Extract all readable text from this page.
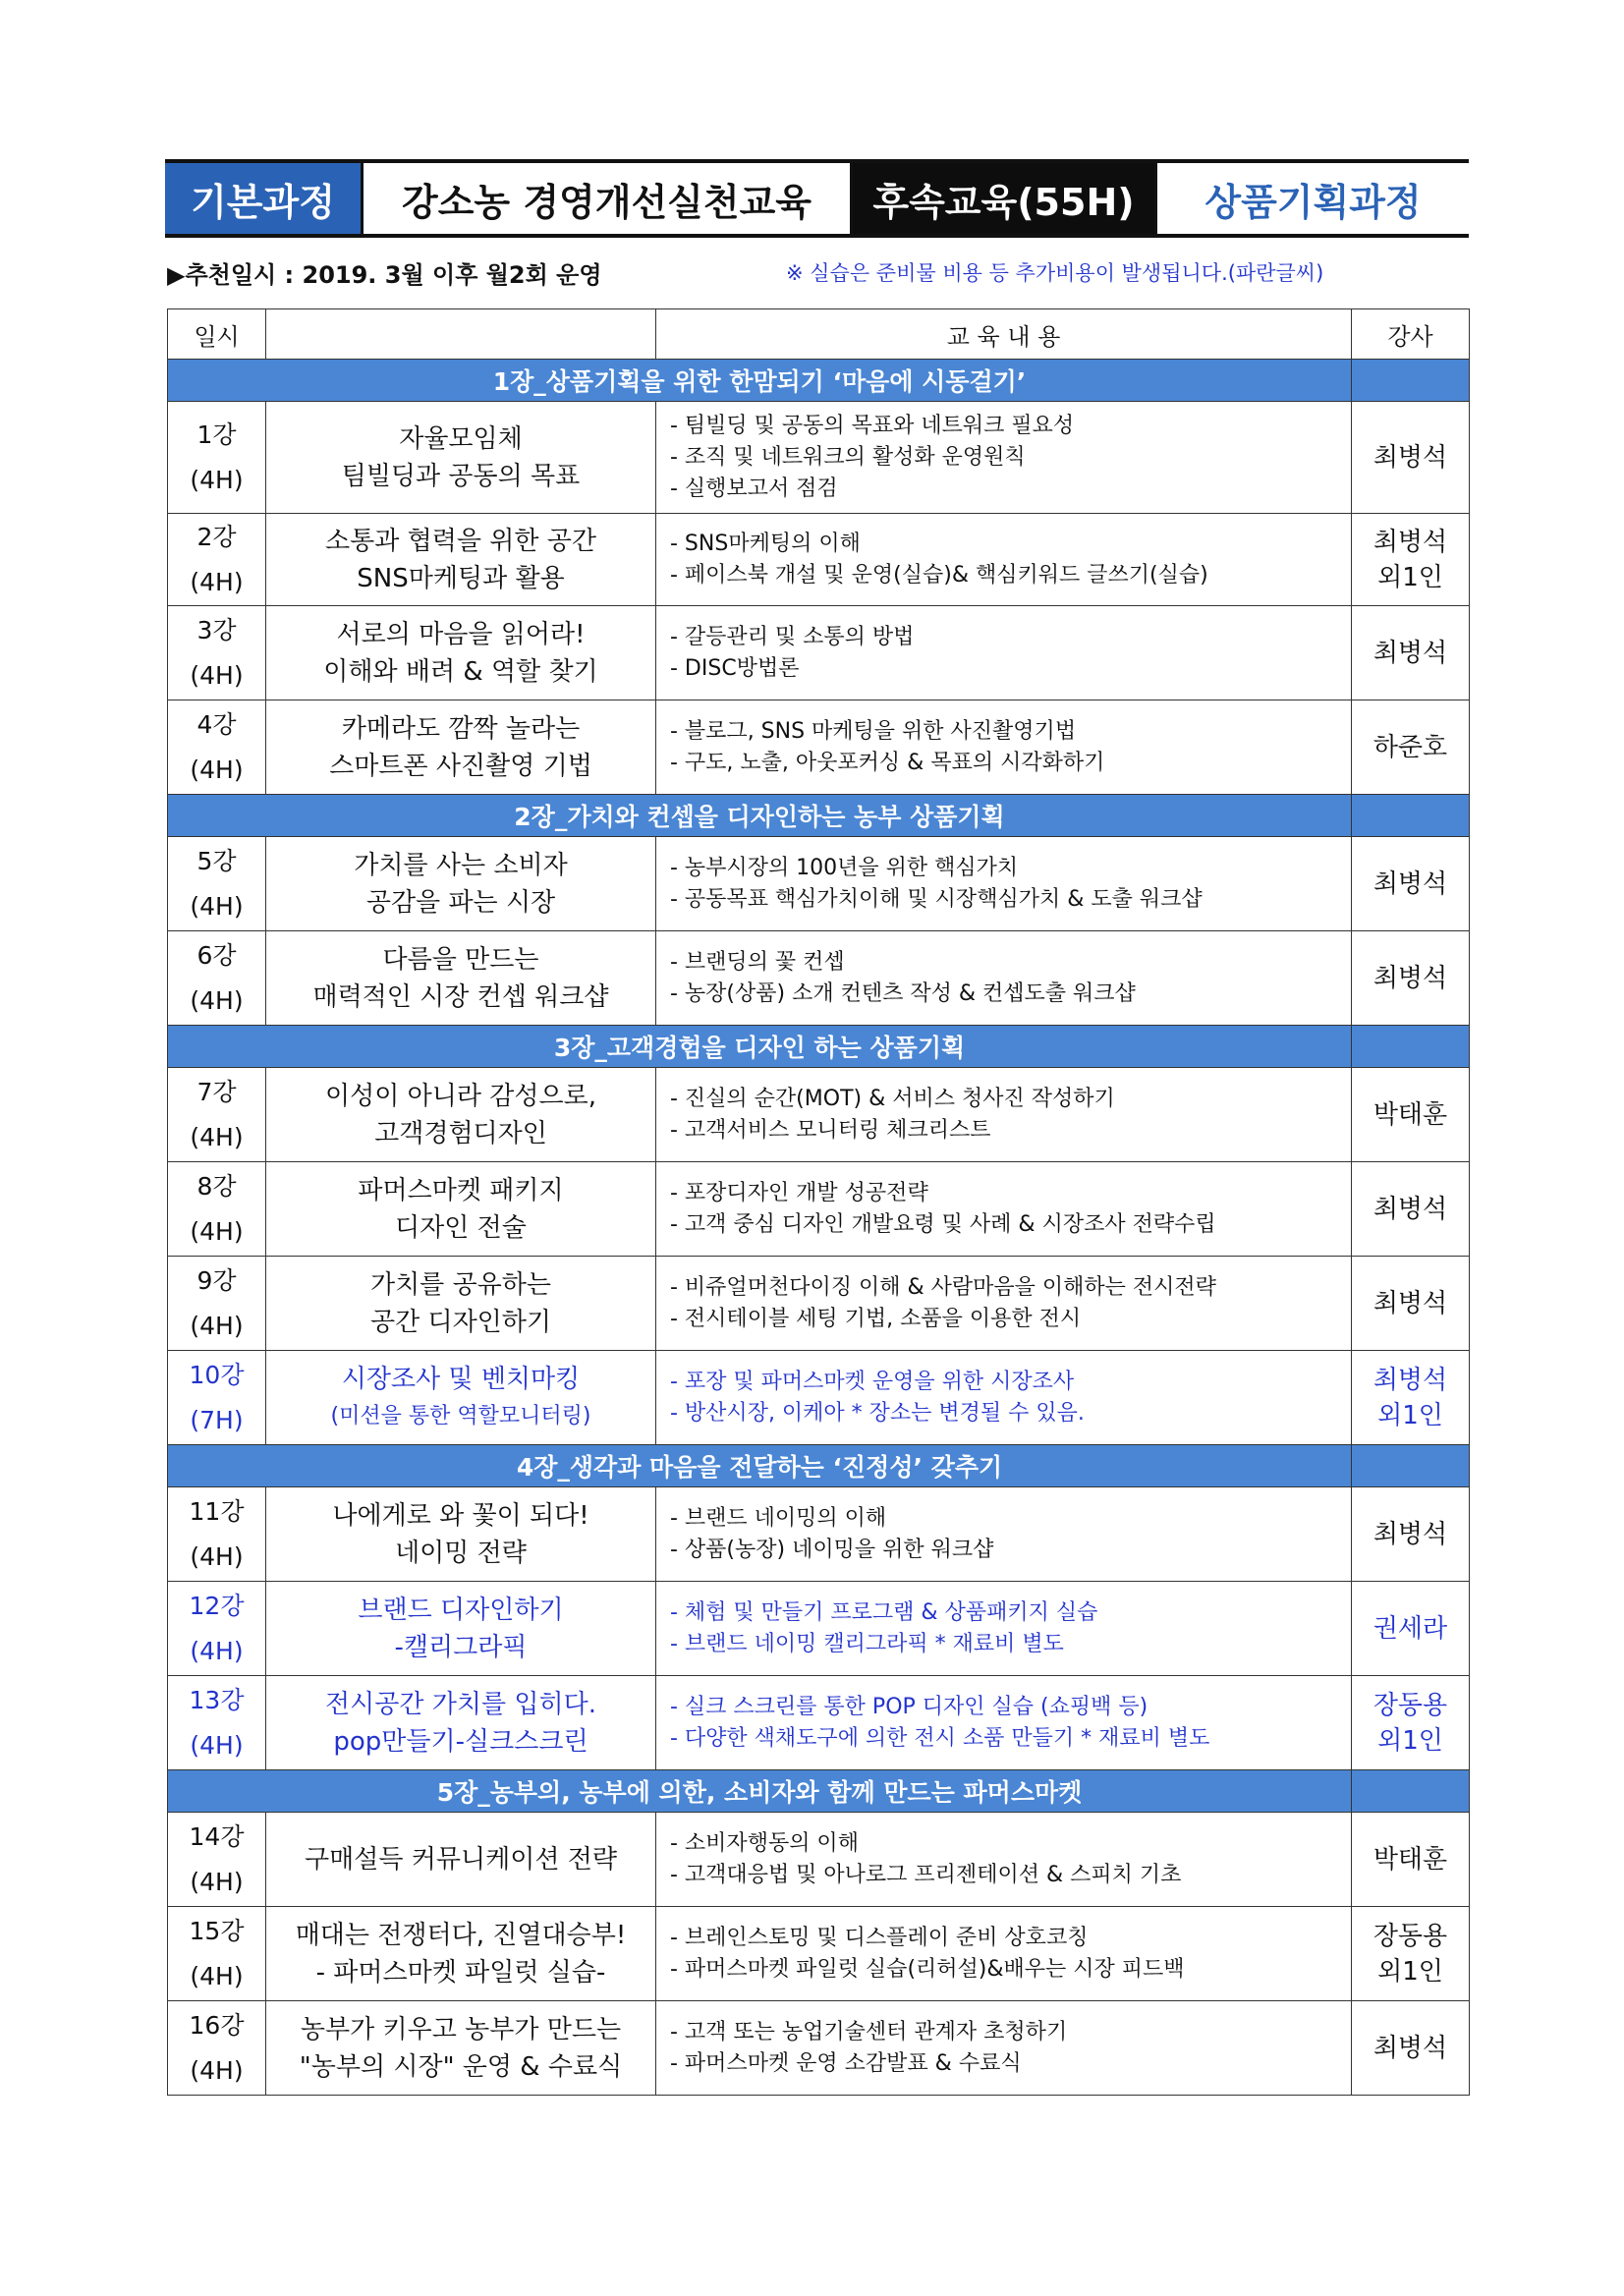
기본과정	강소농 경영개선실천교육	후속교육(55H)	상품기획과정
▶추천일시 : 2019. 3월 이후 월2회 운영	※ 실습은 준비물 비용 등 추가비용이 발생됩니다.(파란글씨)
일시		교 육 내 용	강사
1장_상품기획을 위한 한맘되기 ‘마음에 시동걸기’			

1강
(4H)	자율모임체
팀빌딩과 공동의 목표	- 팀빌딩 및 공동의 목표와 네트워크 필요성
- 조직 및 네트워크의 활성화 운영원칙
- 실행보고서 점검	최병석

2강
(4H)	소통과 협력을 위한 공간
SNS마케팅과 활용	- SNS마케팅의 이해
- 페이스북 개설 및 운영(실습)& 핵심키워드 글쓰기(실습)	최병석
외1인

3강
(4H)	서로의 마음을 읽어라!
이해와 배려 & 역할 찾기	- 갈등관리 및 소통의 방법
- DISC방법론	최병석

4강
(4H)	카메라도 깜짝 놀라는
스마트폰 사진촬영 기법	- 블로그, SNS 마케팅을 위한 사진촬영기법
- 구도, 노출, 아웃포커싱 & 목표의 시각화하기	하준호

2장_가치와 컨셉을 디자인하는 농부 상품기획			

5강
(4H)	가치를 사는 소비자
공감을 파는 시장	- 농부시장의 100년을 위한 핵심가치
- 공동목표 핵심가치이해 및 시장핵심가치 & 도출 워크샵	최병석

6강
(4H)	다름을 만드는
매력적인 시장 컨셉 워크샵	- 브랜딩의 꽃 컨셉
- 농장(상품) 소개 컨텐츠 작성 & 컨셉도출 워크샵	최병석

3장_고객경험을 디자인 하는 상품기획			

7강
(4H)	이성이 아니라 감성으로,
고객경험디자인	- 진실의 순간(MOT) & 서비스 청사진 작성하기
- 고객서비스 모니터링 체크리스트	박태훈

8강
(4H)	파머스마켓 패키지
디자인 전술	- 포장디자인 개발 성공전략
- 고객 중심 디자인 개발요령 및 사례 & 시장조사 전략수립	최병석

9강
(4H)	가치를 공유하는
공간 디자인하기	- 비쥬얼머천다이징 이해 & 사람마음을 이해하는 전시전략
- 전시테이블 세팅 기법, 소품을 이용한 전시	최병석

10강
(7H)	시장조사 및 벤치마킹
(미션을 통한 역할모니터링)	- 포장 및 파머스마켓 운영을 위한 시장조사
- 방산시장, 이케아 * 장소는 변경될 수 있음.	최병석
외1인

4장_생각과 마음을 전달하는 ‘진정성’ 갖추기			

11강
(4H)	나에게로 와 꽃이 되다!
네이밍 전략	- 브랜드 네이밍의 이해
- 상품(농장) 네이밍을 위한 워크샵	최병석

12강
(4H)	브랜드 디자인하기
-캘리그라픽	- 체험 및 만들기 프로그램 & 상품패키지 실습
- 브랜드 네이밍 캘리그라픽 * 재료비 별도	권세라

13강
(4H)	전시공간 가치를 입히다.
pop만들기-실크스크린	- 실크 스크린를 통한 POP 디자인 실습 (쇼핑백 등)
- 다양한 색채도구에 의한 전시 소품 만들기 * 재료비 별도	장동용
외1인

5장_농부의, 농부에 의한, 소비자와 함께 만드는 파머스마켓			

14강
(4H)	구매설득 커뮤니케이션 전략	- 소비자행동의 이해
- 고객대응법 및 아나로그 프리젠테이션 & 스피치 기초	박태훈

15강
(4H)	매대는 전쟁터다, 진열대승부!
- 파머스마켓 파일럿 실습-	- 브레인스토밍 및 디스플레이 준비 상호코칭
- 파머스마켓 파일럿 실습(리허설)&배우는 시장 피드백	장동용
외1인

16강
(4H)	농부가 키우고 농부가 만드는
"농부의 시장" 운영 & 수료식	- 고객 또는 농업기술센터 관계자 초청하기
- 파머스마켓 운영 소감발표 & 수료식	최병석
